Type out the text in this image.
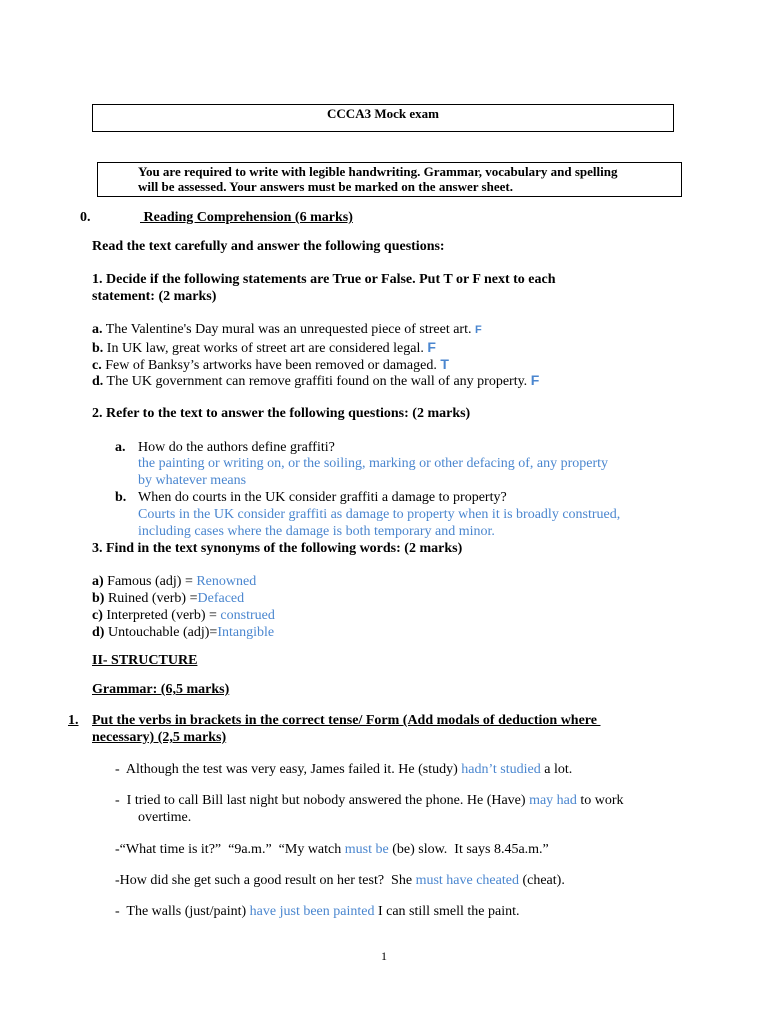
CCCA3 Mock exam
You are required to write with legible handwriting. Grammar, vocabulary and spelling
will be assessed. Your answers must be marked on the answer sheet.
0.	Reading Comprehension (6 marks)
Read the text carefully and answer the following questions:
1. Decide if the following statements are True or False. Put T or F next to each
statement: (2 marks)
a. The Valentine's Day mural was an unrequested piece of street art. F
b. In UK law, great works of street art are considered legal. F
c. Few of Banksy’s artworks have been removed or damaged. T
d. The UK government can remove graffiti found on the wall of any property. F
2. Refer to the text to answer the following questions: (2 marks)
a. How do the authors define graffiti?
the painting or writing on, or the soiling, marking or other defacing of, any property
by whatever means
b. When do courts in the UK consider graffiti a damage to property?
Courts in the UK consider graffiti as damage to property when it is broadly construed,
including cases where the damage is both temporary and minor.
3. Find in the text synonyms of the following words: (2 marks)
a) Famous (adj) = Renowned
b) Ruined (verb) =Defaced
c) Interpreted (verb) = construed
d) Untouchable (adj)=Intangible
II- STRUCTURE
Grammar: (6,5 marks)
1. Put the verbs in brackets in the correct tense/ Form (Add modals of deduction where
necessary) (2,5 marks)
-  Although the test was very easy, James failed it. He (study) hadn’t studied a lot.
-  I tried to call Bill last night but nobody answered the phone. He (Have) may had to work
overtime.
-“What time is it?”  “9a.m.”  “My watch must be (be) slow.  It says 8.45a.m.”
-How did she get such a good result on her test?  She must have cheated (cheat).
-  The walls (just/paint) have just been painted I can still smell the paint.
1
